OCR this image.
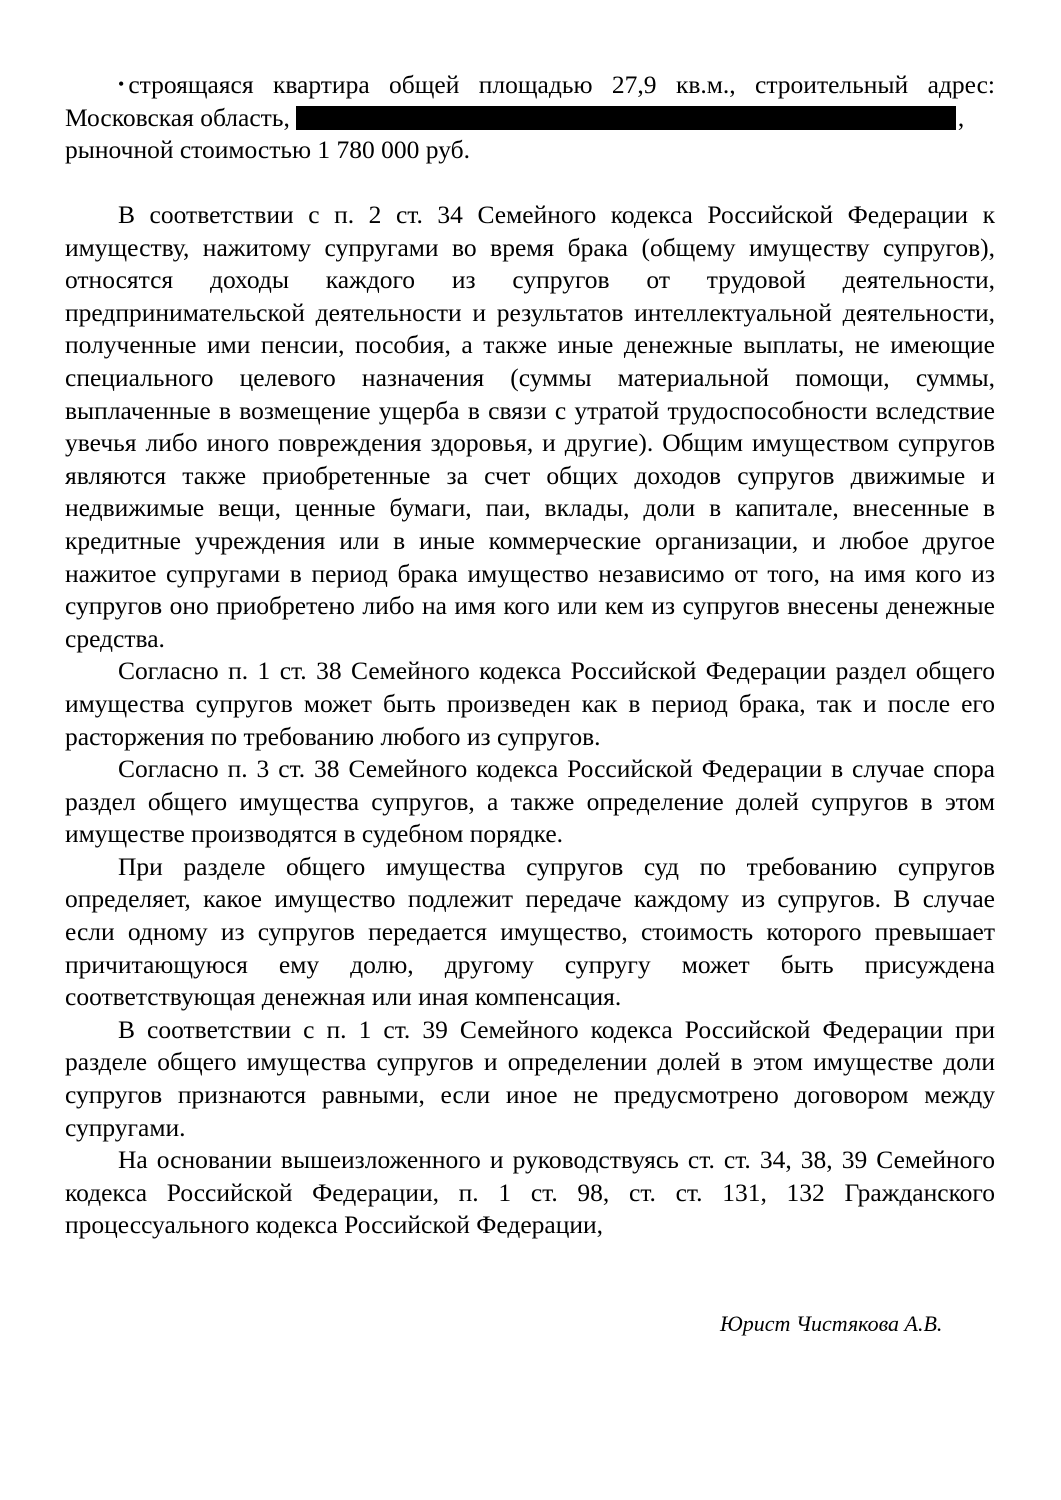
• строящаяся квартира общей площадью 27,9 кв.м., строительный адрес:
Московская область,	,
рыночной стоимостью 1 780 000 руб.

В соответствии с п. 2 ст. 34 Семейного кодекса Российской Федерации к имуществу, нажитому супругами во время брака (общему имуществу супругов), относятся доходы каждого из супругов от трудовой деятельности, предпринимательской деятельности и результатов интеллектуальной деятельности, полученные ими пенсии, пособия, а также иные денежные выплаты, не имеющие специального целевого назначения (суммы материальной помощи, суммы, выплаченные в возмещение ущерба в связи с утратой трудоспособности вследствие увечья либо иного повреждения здоровья, и другие). Общим имуществом супругов являются также приобретенные за счет общих доходов супругов движимые и недвижимые вещи, ценные бумаги, паи, вклады, доли в капитале, внесенные в кредитные учреждения или в иные коммерческие организации, и любое другое нажитое супругами в период брака имущество независимо от того, на имя кого из супругов оно приобретено либо на имя кого или кем из супругов внесены денежные средства.

Согласно п. 1 ст. 38 Семейного кодекса Российской Федерации раздел общего имущества супругов может быть произведен как в период брака, так и после его расторжения по требованию любого из супругов.

Согласно п. 3 ст. 38 Семейного кодекса Российской Федерации в случае спора раздел общего имущества супругов, а также определение долей супругов в этом имуществе производятся в судебном порядке.

При разделе общего имущества супругов суд по требованию супругов определяет, какое имущество подлежит передаче каждому из супругов. В случае если одному из супругов передается имущество, стоимость которого превышает причитающуюся ему долю, другому супругу может быть присуждена соответствующая денежная или иная компенсация.

В соответствии с п. 1 ст. 39 Семейного кодекса Российской Федерации при разделе общего имущества супругов и определении долей в этом имуществе доли супругов признаются равными, если иное не предусмотрено договором между супругами.

На основании вышеизложенного и руководствуясь ст. ст. 34, 38, 39 Семейного кодекса Российской Федерации, п. 1 ст. 98, ст. ст. 131, 132 Гражданского процессуального кодекса Российской Федерации,

Юрист Чистякова А.В.
